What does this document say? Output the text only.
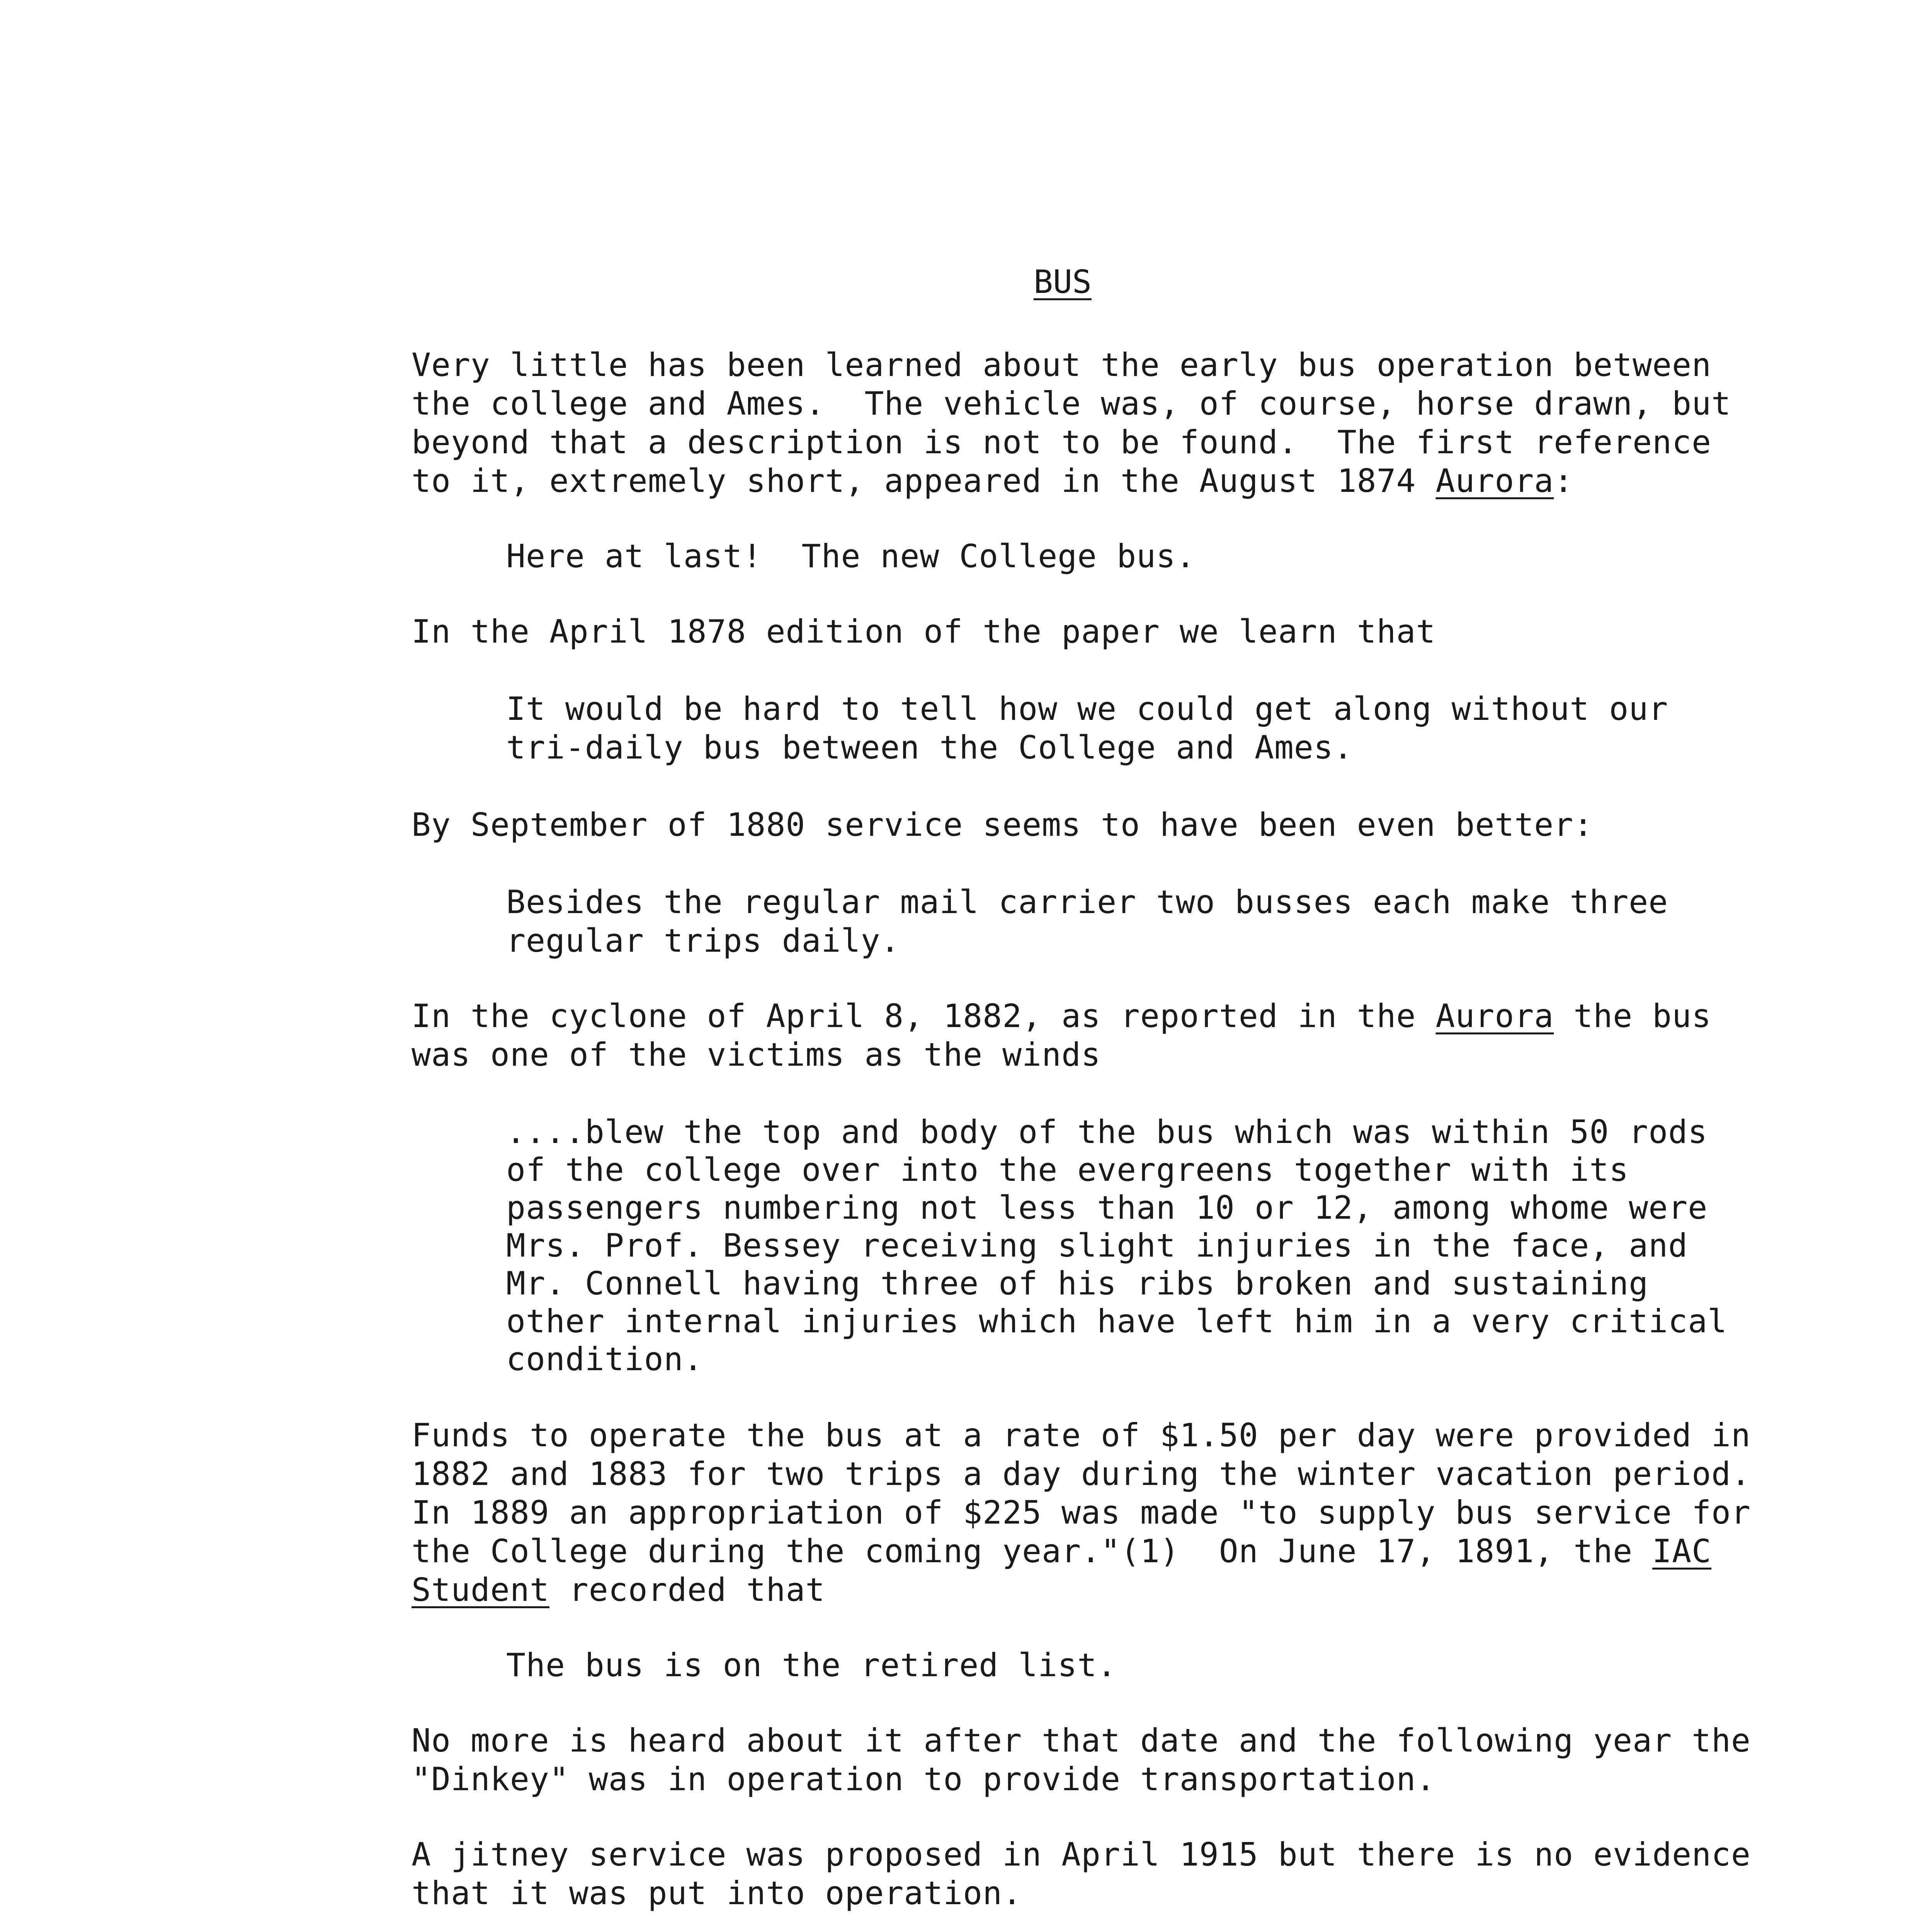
BUS
Very little has been learned about the early bus operation between
the college and Ames.  The vehicle was, of course, horse drawn, but
beyond that a description is not to be found.  The first reference
to it, extremely short, appeared in the August 1874 Aurora:
Here at last!  The new College bus.
In the April 1878 edition of the paper we learn that
It would be hard to tell how we could get along without our
tri-daily bus between the College and Ames.
By September of 1880 service seems to have been even better:
Besides the regular mail carrier two busses each make three
regular trips daily.
In the cyclone of April 8, 1882, as reported in the Aurora the bus
was one of the victims as the winds
....blew the top and body of the bus which was within 50 rods
of the college over into the evergreens together with its
passengers numbering not less than 10 or 12, among whome were
Mrs. Prof. Bessey receiving slight injuries in the face, and
Mr. Connell having three of his ribs broken and sustaining
other internal injuries which have left him in a very critical
condition.
Funds to operate the bus at a rate of $1.50 per day were provided in
1882 and 1883 for two trips a day during the winter vacation period.
In 1889 an appropriation of $225 was made "to supply bus service for
the College during the coming year."(1)  On June 17, 1891, the IAC
Student recorded that
The bus is on the retired list.
No more is heard about it after that date and the following year the
"Dinkey" was in operation to provide transportation.
A jitney service was proposed in April 1915 but there is no evidence
that it was put into operation.
